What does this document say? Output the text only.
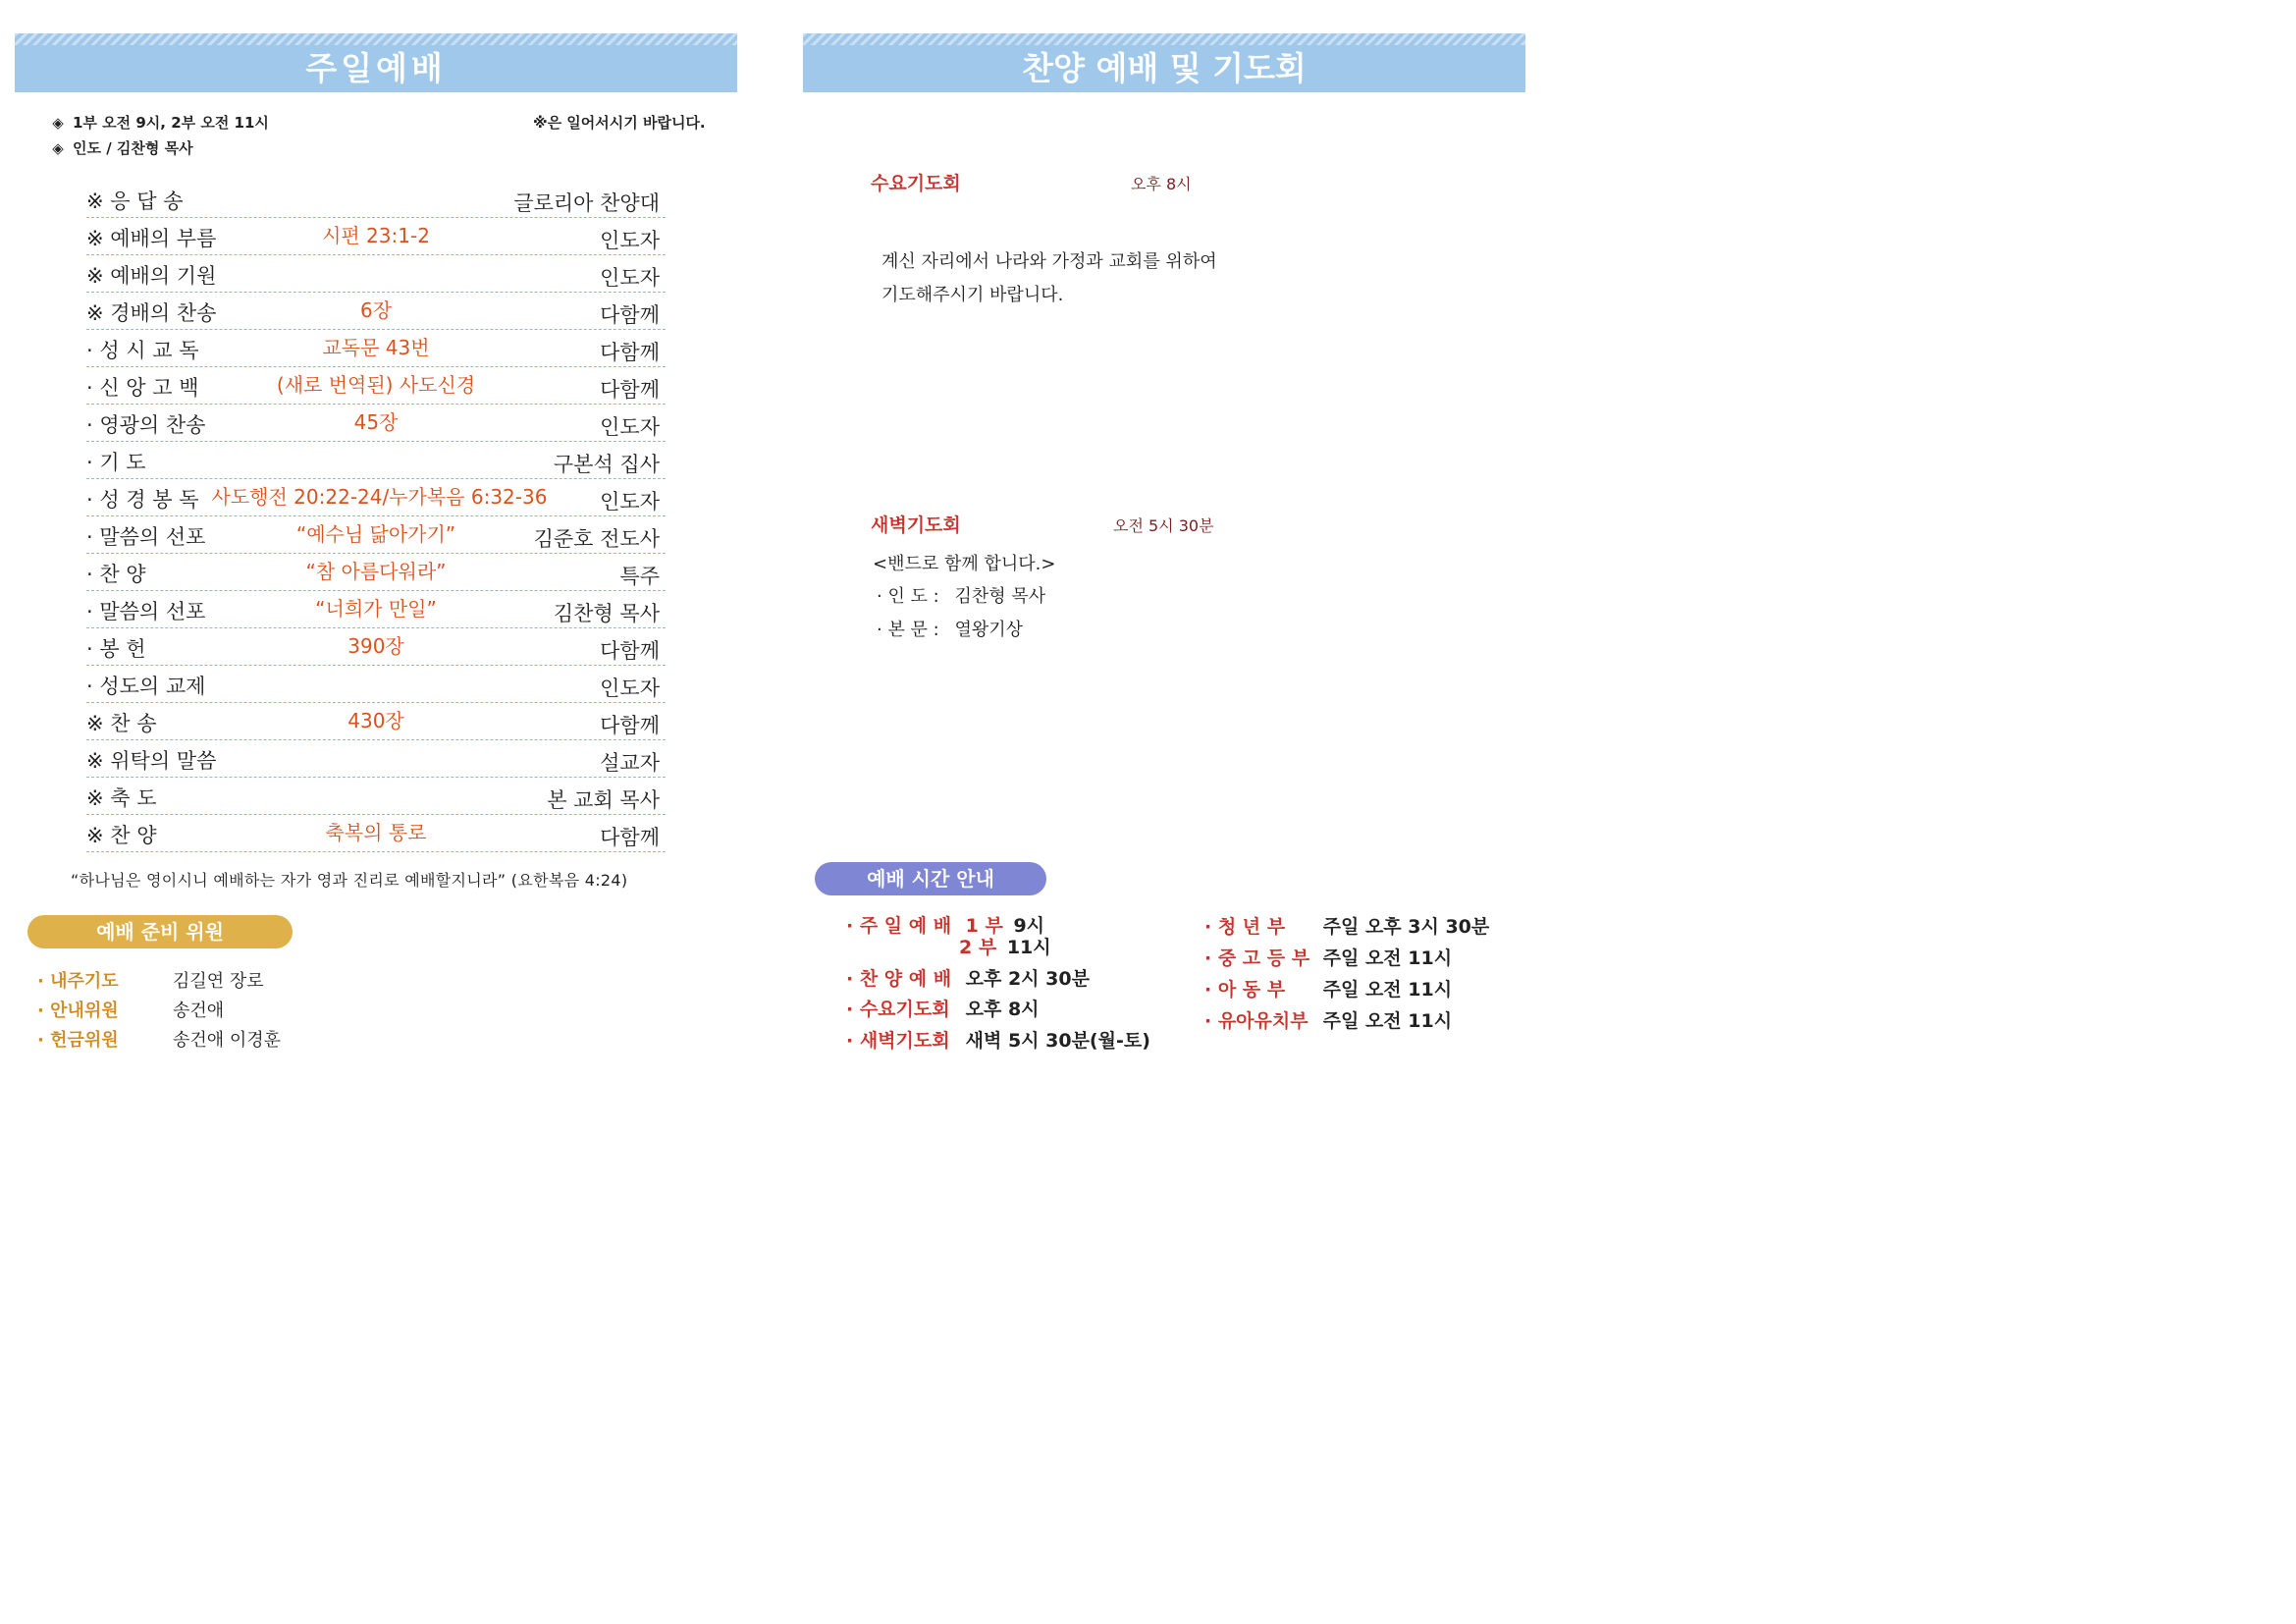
주일예배
◈ 1부 오전 9시, 2부 오전 11시
◈ 인도 / 김찬형 목사
※은 일어서시기 바랍니다.
※ 응 답 송	글로리아 찬양대
※ 예배의 부름	시편 23:1-2	인도자
※ 예배의 기원	인도자
※ 경배의 찬송	6장	다함께
· 성 시 교 독	교독문 43번	다함께
· 신 앙 고 백	(새로 번역된) 사도신경	다함께
· 영광의 찬송	45장	인도자
· 기 도	구본석 집사
· 성 경 봉 독 사도행전 20:22-24/누가복음 6:32-36	인도자
· 말씀의 선포	“예수님 닮아가기”	김준호 전도사
· 찬 양	“참 아름다워라”	특주
· 말씀의 선포	“너희가 만일”	김찬형 목사
· 봉 헌	390장	다함께
· 성도의 교제	인도자
※ 찬 송	430장	다함께
※ 위탁의 말씀	설교자
※ 축 도	본 교회 목사
※ 찬 양	축복의 통로	다함께
“하나님은 영이시니 예배하는 자가 영과 진리로 예배할지니라” (요한복음 4:24)
예배 준비 위원
· 내주기도	김길연 장로
· 안내위원	송건애
· 헌금위원	송건애 이경훈
찬양 예배 및 기도회
수요기도회	오후 8시
계신 자리에서 나라와 가정과 교회를 위하여
기도해주시기 바랍니다.
새벽기도회	오전 5시 30분
<밴드로 함께 합니다.>
· 인 도 : 김찬형 목사
· 본 문 : 열왕기상
예배 시간 안내
· 주 일 예 배 1 부 9시
2 부 11시
· 찬 양 예 배 오후 2시 30분
· 수요기도회 오후 8시
· 새벽기도회 새벽 5시 30분(월-토)
· 청 년 부 주일 오후 3시 30분
· 중 고 등 부 주일 오전 11시
· 아 동 부 주일 오전 11시
· 유아유치부 주일 오전 11시
